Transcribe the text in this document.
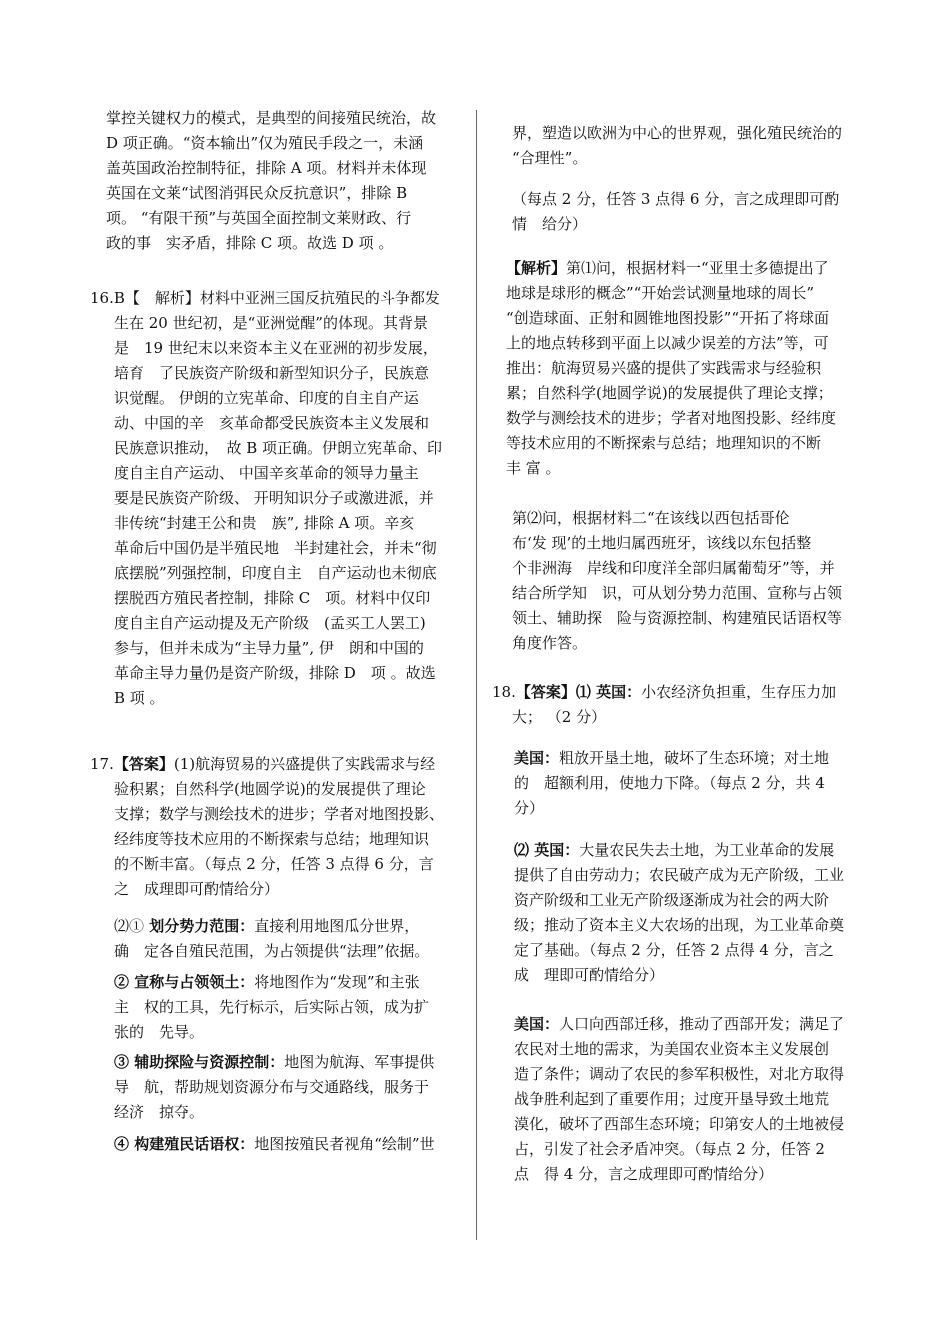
掌控关键权力的模式，是典型的间接殖民统治，故
D 项正确。“资本输出”仅为殖民手段之一，未涵
盖英国政治控制特征，排除 A 项。材料并未体现
英国在文莱“试图消弭民众反抗意识”，排除 B
项。 “有限干预”与英国全面控制文莱财政、行
政的事　实矛盾，排除 C 项。故选 D 项 。
16.B【　解析】材料中亚洲三国反抗殖民的斗争都发
生在 20 世纪初，是“亚洲觉醒”的体现。其背景
是　19 世纪末以来资本主义在亚洲的初步发展，
培育　了民族资产阶级和新型知识分子，民族意
识觉醒。 伊朗的立宪革命、印度的自主自产运
动、中国的辛　亥革命都受民族资本主义发展和
民族意识推动，　故 B 项正确。伊朗立宪革命、印
度自主自产运动、 中国辛亥革命的领导力量主
要是民族资产阶级、 开明知识分子或激进派，并
非传统“封建王公和贵　族”, 排除 A 项。辛亥
革命后中国仍是半殖民地　半封建社会，并未“彻
底摆脱”列强控制，印度自主　自产运动也未彻底
摆脱西方殖民者控制，排除 C　项。材料中仅印
度自主自产运动提及无产阶级　(孟买工人罢工)
参与，但并未成为“主导力量”, 伊　朗和中国的
革命主导力量仍是资产阶级，排除 D　项 。故选
B 项 。
17.【答案】(1)航海贸易的兴盛提供了实践需求与经
验积累；自然科学(地圆学说)的发展提供了理论
支撑；数学与测绘技术的进步；学者对地图投影、
经纬度等技术应用的不断探索与总结；地理知识
的不断丰富。（每点 2 分，任答 3 点得 6 分，言
之　成理即可酌情给分）
⑵① 划分势力范围：直接利用地图瓜分世界，
确　定各自殖民范围，为占领提供“法理”依据。
② 宣称与占领领土：将地图作为“发现”和主张
主　权的工具，先行标示，后实际占领，成为扩
张的　先导。
③ 辅助探险与资源控制：地图为航海、军事提供
导　航，帮助规划资源分布与交通路线，服务于
经济　掠夺。
④ 构建殖民话语权：地图按殖民者视角“绘制”世
界，塑造以欧洲为中心的世界观，强化殖民统治的
“合理性”。
（每点 2 分，任答 3 点得 6 分，言之成理即可酌
情　给分）
【解析】第⑴问，根据材料一“亚里士多德提出了
地球是球形的概念”“开始尝试测量地球的周长”
“创造球面、正射和圆锥地图投影”“开拓了将球面
上的地点转移到平面上以减少误差的方法”等，可
推出：航海贸易兴盛的提供了实践需求与经验积
累；自然科学(地圆学说)的发展提供了理论支撑；
数学与测绘技术的进步；学者对地图投影、经纬度
等技术应用的不断探索与总结；地理知识的不断
丰 富 。
第⑵问，根据材料二“在该线以西包括哥伦
布‘发 现’的土地归属西班牙，该线以东包括整
个非洲海　岸线和印度洋全部归属葡萄牙”等，并
结合所学知　识，可从划分势力范围、宣称与占领
领土、辅助探　险与资源控制、构建殖民话语权等
角度作答。
18.【答案】⑴ 英国：小农经济负担重，生存压力加
大； （2 分）
美国：粗放开垦土地，破坏了生态环境；对土地
的　超额利用，使地力下降。（每点 2 分，共 4
分）
⑵ 英国：大量农民失去土地，为工业革命的发展
提供了自由劳动力；农民破产成为无产阶级，工业
资产阶级和工业无产阶级逐渐成为社会的两大阶
级；推动了资本主义大农场的出现，为工业革命奠
定了基础。（每点 2 分，任答 2 点得 4 分，言之
成　理即可酌情给分）
美国：人口向西部迁移，推动了西部开发；满足了
农民对土地的需求，为美国农业资本主义发展创
造了条件；调动了农民的参军积极性，对北方取得
战争胜利起到了重要作用；过度开垦导致土地荒
漠化，破坏了西部生态环境；印第安人的土地被侵
占，引发了社会矛盾冲突。（每点 2 分，任答 2
点　得 4 分，言之成理即可酌情给分）
